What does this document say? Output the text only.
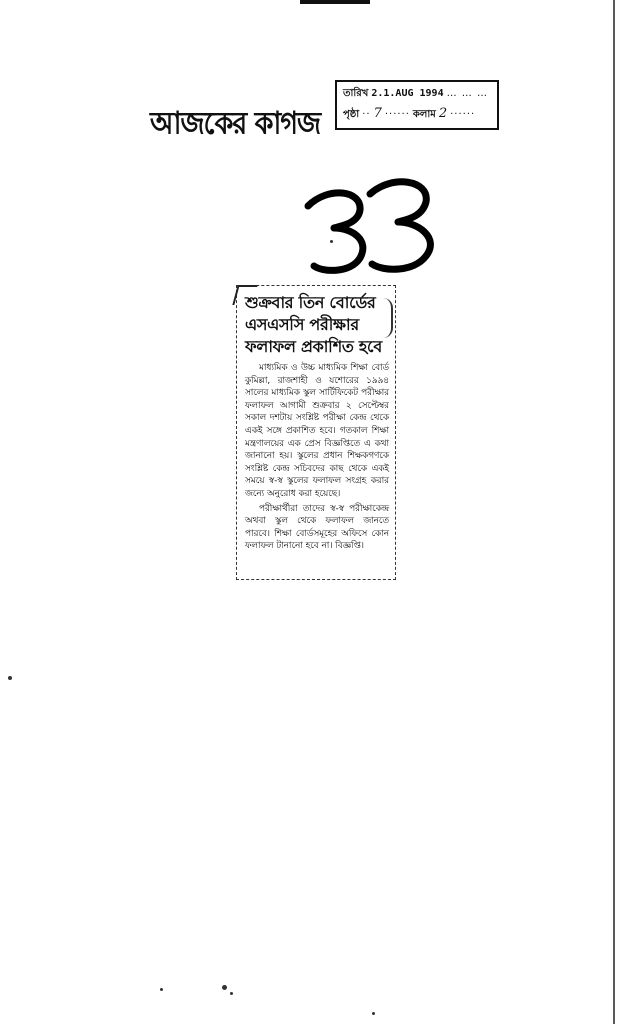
আজকের কাগজ
তারিখ 2.1.AUG 1994 … … …
পৃষ্ঠা ·· 7 ······ কলাম 2 ······
শুক্রবার তিন বোর্ডের
এসএসসি পরীক্ষার
ফলাফল প্রকাশিত হবে

মাধ্যমিক ও উচ্চ মাধ্যমিক শিক্ষা বোর্ড কুমিল্লা, রাজশাহী ও যশোরের ১৯৯৪ সালের মাধ্যমিক স্কুল সার্টিফিকেট পরীক্ষার ফলাফল আগামী শুক্রবার ২ সেপ্টেম্বর সকাল দশটায় সংশ্লিষ্ট পরীক্ষা কেন্দ্র থেকে একই সঙ্গে প্রকাশিত হবে। গতকাল শিক্ষা মন্ত্রণালয়ের এক প্রেস বিজ্ঞপ্তিতে এ কথা জানানো হয়। স্কুলের প্রধান শিক্ষকগণকে সংশ্লিষ্ট কেন্দ্র সচিবদের কাছ থেকে একই সময়ে স্ব-স্ব স্কুলের ফলাফল সংগ্রহ করার জন্যে অনুরোধ করা হয়েছে।

পরীক্ষার্থীরা তাদের স্ব-স্ব পরীক্ষাকেন্দ্র অথবা স্কুল থেকে ফলাফল জানতে পারবে। শিক্ষা বোর্ডসমূহের অফিসে কোন ফলাফল টানানো হবে না। বিজ্ঞপ্তি।
